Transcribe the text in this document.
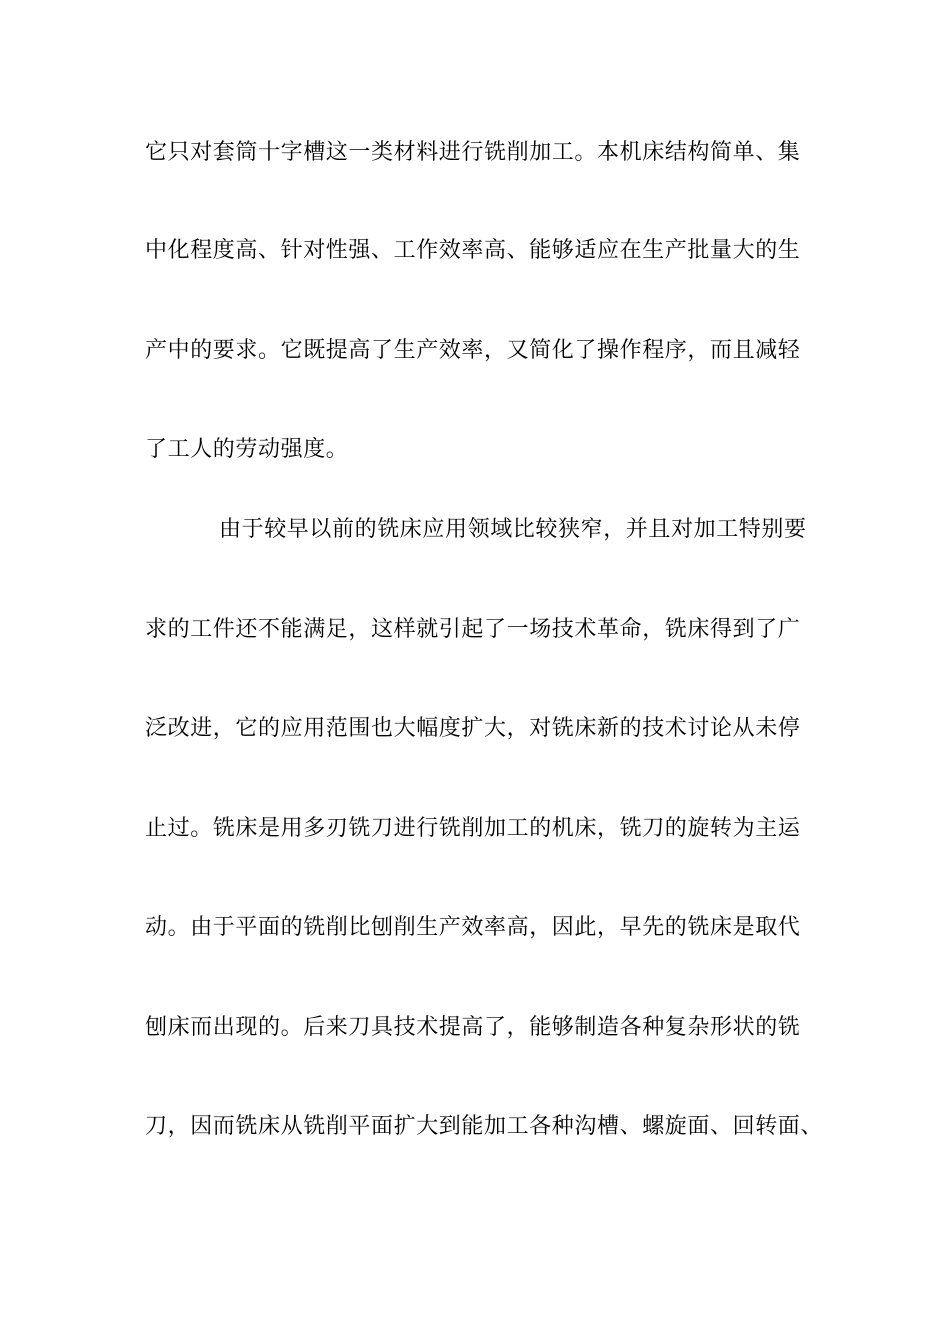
它只对套筒十字槽这一类材料进行铣削加工。本机床结构简单、集
中化程度高、针对性强、工作效率高、能够适应在生产批量大的生
产中的要求。它既提高了生产效率，又简化了操作程序，而且减轻
了工人的劳动强度。
由于较早以前的铣床应用领域比较狭窄，并且对加工特别要
求的工件还不能满足，这样就引起了一场技术革命，铣床得到了广
泛改进，它的应用范围也大幅度扩大，对铣床新的技术讨论从未停
止过。铣床是用多刃铣刀进行铣削加工的机床，铣刀的旋转为主运
动。由于平面的铣削比刨削生产效率高，因此，早先的铣床是取代
刨床而出现的。后来刀具技术提高了，能够制造各种复杂形状的铣
刀，因而铣床从铣削平面扩大到能加工各种沟槽、螺旋面、回转面、
